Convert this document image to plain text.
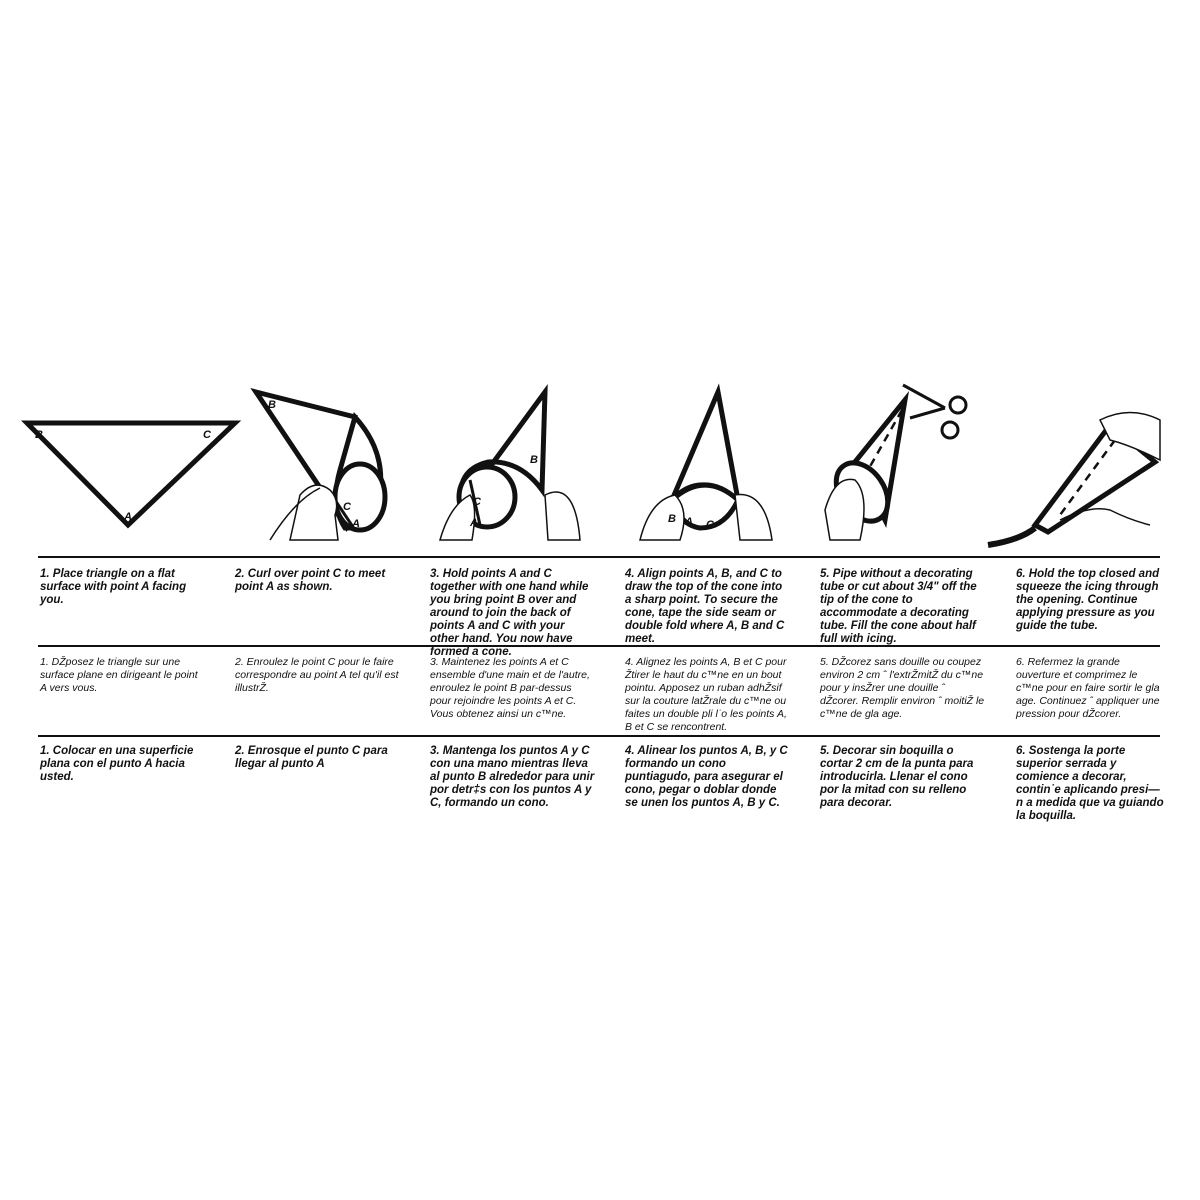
B	C
A
B
C
A
B
C
A	B A C
1. Place triangle on a flat surface with point A facing you.
2. Curl over point C to meet point A as shown.
3. Hold points A and C together with one hand while you bring point B over and around to join the back of points A and C with your other hand. You now have formed a cone.
4. Align points A, B, and C to draw the top of the cone into a sharp point. To secure the cone, tape the side seam or double fold where A, B and C meet.
5. Pipe without a decorating tube or cut about 3/4" off the tip of the cone to accommodate a decorating tube. Fill the cone about half full with icing.
6. Hold the top closed and squeeze the icing through the opening. Continue applying pressure as you guide the tube.
1. DŽposez le triangle sur une surface plane en dirigeant le point A vers vous.
2. Enroulez le point C pour le faire correspondre au point A tel qu'il est illustrŽ.
3. Maintenez les points A et C ensemble d'une main et de l'autre, enroulez le point B par-dessus pour rejoindre les points A et C. Vous obtenez ainsi un c™ne.
4. Alignez les points A, B et C pour Žtirer le haut du c™ne en un bout pointu. Apposez un ruban adhŽsif sur la couture latŽrale du c™ne ou faites un double pli l˙o les points A, B et C se rencontrent.
5. DŽcorez sans douille ou coupez environ 2 cm ˆ l'extrŽmitŽ du c™ne pour y insŽrer une douille ˆ dŽcorer. Remplir environ ˆ moitiŽ le c™ne de gla age.
6. Refermez la grande ouverture et comprimez le c™ne pour en faire sortir le gla age. Continuez ˆ appliquer une pression pour dŽcorer.
1. Colocar en una superficie plana con el punto A hacia usted.
2. Enrosque el punto C para llegar al punto A
3. Mantenga los puntos A y C con una mano mientras lleva al punto B alrededor para unir por detr‡s con los puntos A y C, formando un cono.
4. Alinear los puntos A, B, y C formando un cono puntiagudo, para asegurar el cono, pegar o doblar donde se unen los puntos A, B y C.
5. Decorar sin boquilla o cortar 2 cm de la punta para introducirla. Llenar el cono por la mitad con su relleno para decorar.
6. Sostenga la porte superior serrada y comience a decorar, contin˙e aplicando presi—n a medida que va guiando la boquilla.
